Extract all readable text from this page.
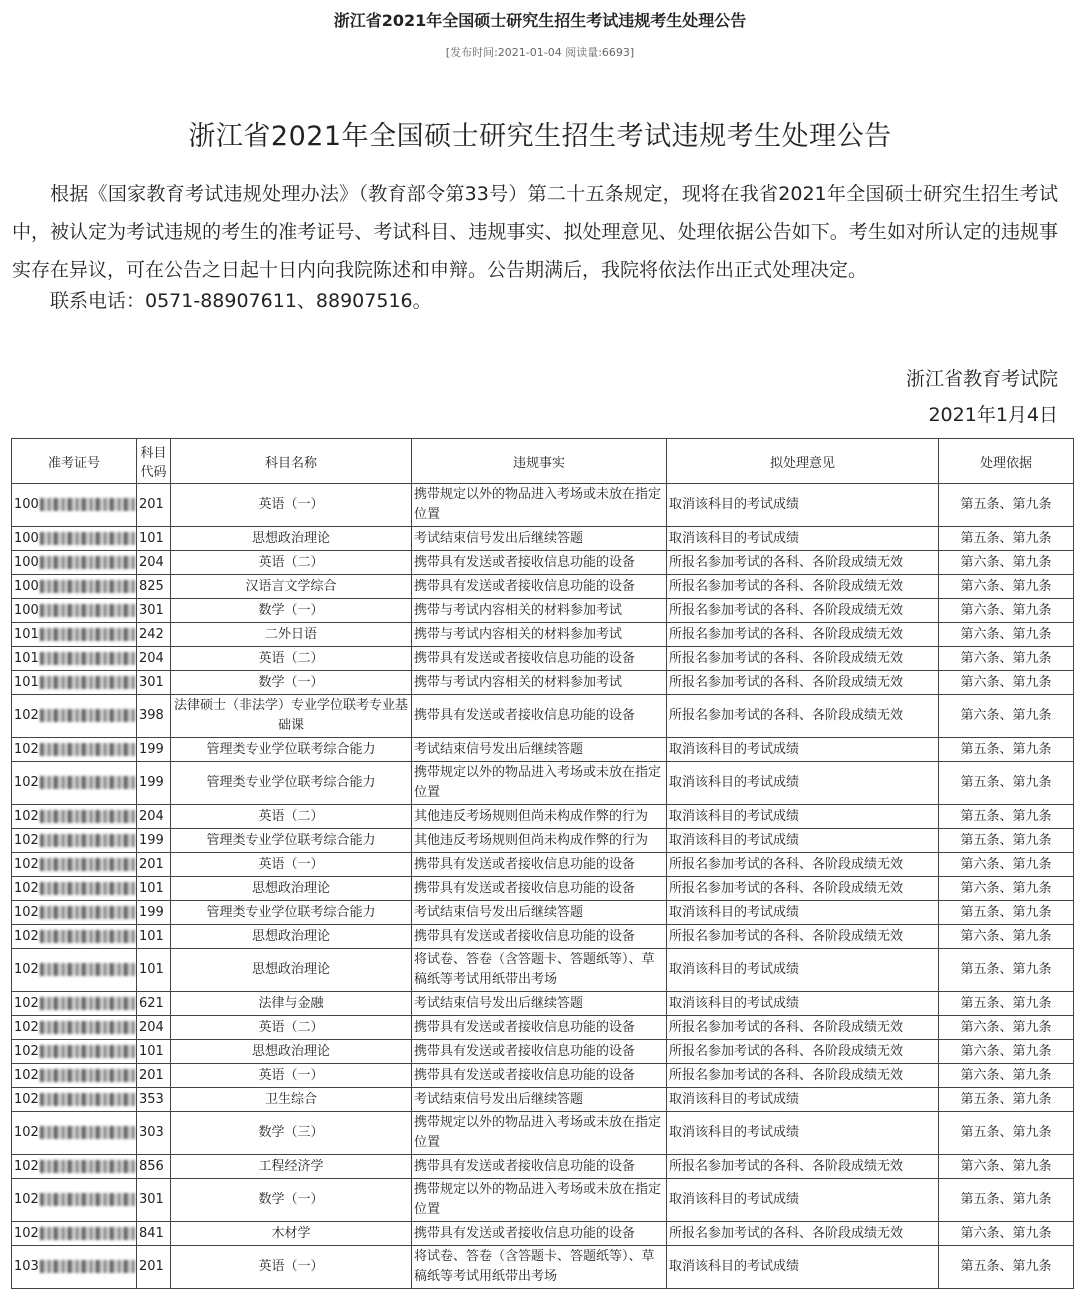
浙江省2021年全国硕士研究生招生考试违规考生处理公告
[发布时间:2021-01-04 阅读量:6693]
浙江省2021年全国硕士研究生招生考试违规考生处理公告

根据《国家教育考试违规处理办法》（教育部令第33号）第二十五条规定，现将在我省2021年全国硕士研究生招生考试中，被认定为考试违规的考生的准考证号、考试科目、违规事实、拟处理意见、处理依据公告如下。考生如对所认定的违规事实存在异议，可在公告之日起十日内向我院陈述和申辩。公告期满后，我院将依法作出正式处理决定。

联系电话：0571-88907611、88907516。

浙江省教育考试院
2021年1月4日
准考证号	科目代码	科目名称	违规事实	拟处理意见	处理依据
100	201	英语（一）	携带规定以外的物品进入考场或未放在指定位置	取消该科目的考试成绩	第五条、第九条
100	101	思想政治理论	考试结束信号发出后继续答题	取消该科目的考试成绩	第五条、第九条
100	204	英语（二）	携带具有发送或者接收信息功能的设备	所报名参加考试的各科、各阶段成绩无效	第六条、第九条
100	825	汉语言文学综合	携带具有发送或者接收信息功能的设备	所报名参加考试的各科、各阶段成绩无效	第六条、第九条
100	301	数学（一）	携带与考试内容相关的材料参加考试	所报名参加考试的各科、各阶段成绩无效	第六条、第九条
101	242	二外日语	携带与考试内容相关的材料参加考试	所报名参加考试的各科、各阶段成绩无效	第六条、第九条
101	204	英语（二）	携带具有发送或者接收信息功能的设备	所报名参加考试的各科、各阶段成绩无效	第六条、第九条
101	301	数学（一）	携带与考试内容相关的材料参加考试	所报名参加考试的各科、各阶段成绩无效	第六条、第九条
102	398	法律硕士（非法学）专业学位联考专业基础课	携带具有发送或者接收信息功能的设备	所报名参加考试的各科、各阶段成绩无效	第六条、第九条
102	199	管理类专业学位联考综合能力	考试结束信号发出后继续答题	取消该科目的考试成绩	第五条、第九条
102	199	管理类专业学位联考综合能力	携带规定以外的物品进入考场或未放在指定位置	取消该科目的考试成绩	第五条、第九条
102	204	英语（二）	其他违反考场规则但尚未构成作弊的行为	取消该科目的考试成绩	第五条、第九条
102	199	管理类专业学位联考综合能力	其他违反考场规则但尚未构成作弊的行为	取消该科目的考试成绩	第五条、第九条
102	201	英语（一）	携带具有发送或者接收信息功能的设备	所报名参加考试的各科、各阶段成绩无效	第六条、第九条
102	101	思想政治理论	携带具有发送或者接收信息功能的设备	所报名参加考试的各科、各阶段成绩无效	第六条、第九条
102	199	管理类专业学位联考综合能力	考试结束信号发出后继续答题	取消该科目的考试成绩	第五条、第九条
102	101	思想政治理论	携带具有发送或者接收信息功能的设备	所报名参加考试的各科、各阶段成绩无效	第六条、第九条
102	101	思想政治理论	将试卷、答卷（含答题卡、答题纸等）、草稿纸等考试用纸带出考场	取消该科目的考试成绩	第五条、第九条
102	621	法律与金融	考试结束信号发出后继续答题	取消该科目的考试成绩	第五条、第九条
102	204	英语（二）	携带具有发送或者接收信息功能的设备	所报名参加考试的各科、各阶段成绩无效	第六条、第九条
102	101	思想政治理论	携带具有发送或者接收信息功能的设备	所报名参加考试的各科、各阶段成绩无效	第六条、第九条
102	201	英语（一）	携带具有发送或者接收信息功能的设备	所报名参加考试的各科、各阶段成绩无效	第六条、第九条
102	353	卫生综合	考试结束信号发出后继续答题	取消该科目的考试成绩	第五条、第九条
102	303	数学（三）	携带规定以外的物品进入考场或未放在指定位置	取消该科目的考试成绩	第五条、第九条
102	856	工程经济学	携带具有发送或者接收信息功能的设备	所报名参加考试的各科、各阶段成绩无效	第六条、第九条
102	301	数学（一）	携带规定以外的物品进入考场或未放在指定位置	取消该科目的考试成绩	第五条、第九条
102	841	木材学	携带具有发送或者接收信息功能的设备	所报名参加考试的各科、各阶段成绩无效	第六条、第九条
103	201	英语（一）	将试卷、答卷（含答题卡、答题纸等）、草稿纸等考试用纸带出考场	取消该科目的考试成绩	第五条、第九条
